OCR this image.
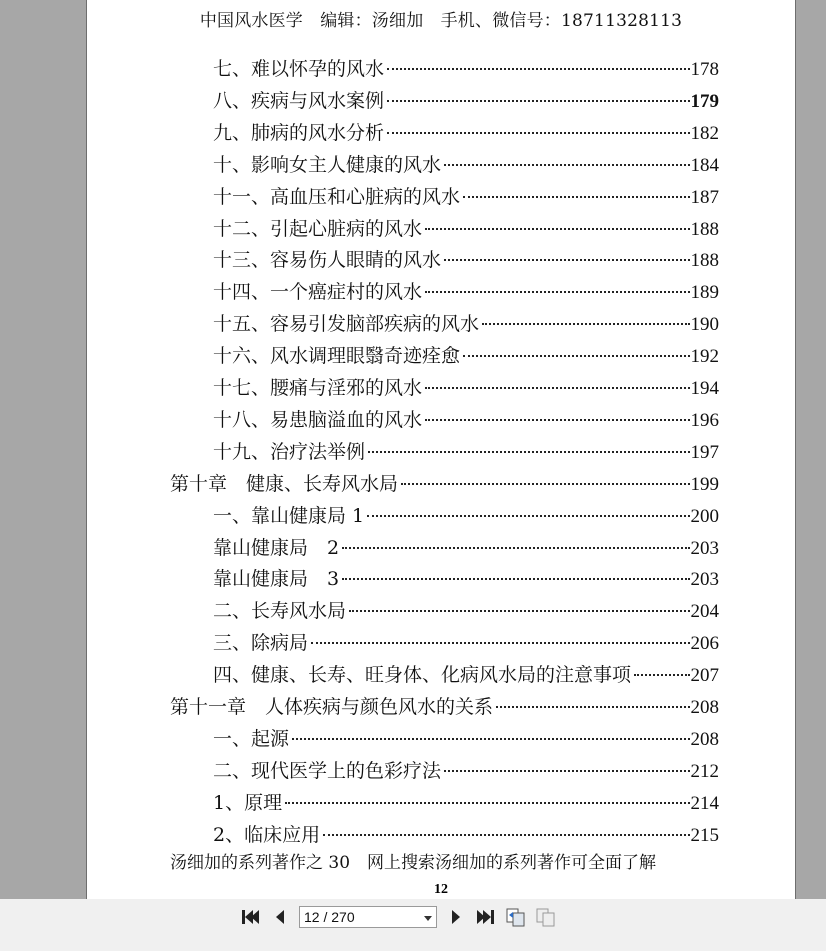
中国风水医学　编辑：汤细加　手机、微信号：18711328113
七、难以怀孕的风水	178
八、疾病与风水案例	179
九、肺病的风水分析	182
十、影响女主人健康的风水	184
十一、高血压和心脏病的风水	187
十二、引起心脏病的风水	188
十三、容易伤人眼睛的风水	188
十四、一个癌症村的风水	189
十五、容易引发脑部疾病的风水	190
十六、风水调理眼翳奇迹痊愈	192
十七、腰痛与淫邪的风水	194
十八、易患脑溢血的风水	196
十九、治疗法举例	197
第十章　健康、长寿风水局	199
一、靠山健康局 1	200
靠山健康局　2	203
靠山健康局　3	203
二、长寿风水局	204
三、除病局	206
四、健康、长寿、旺身体、化病风水局的注意事项	207
第十一章　人体疾病与颜色风水的关系	208
一、起源	208
二、现代医学上的色彩疗法	212
1、原理	214
2、临床应用	215
汤细加的系列著作之 30　网上搜索汤细加的系列著作可全面了解
12
12 / 270
